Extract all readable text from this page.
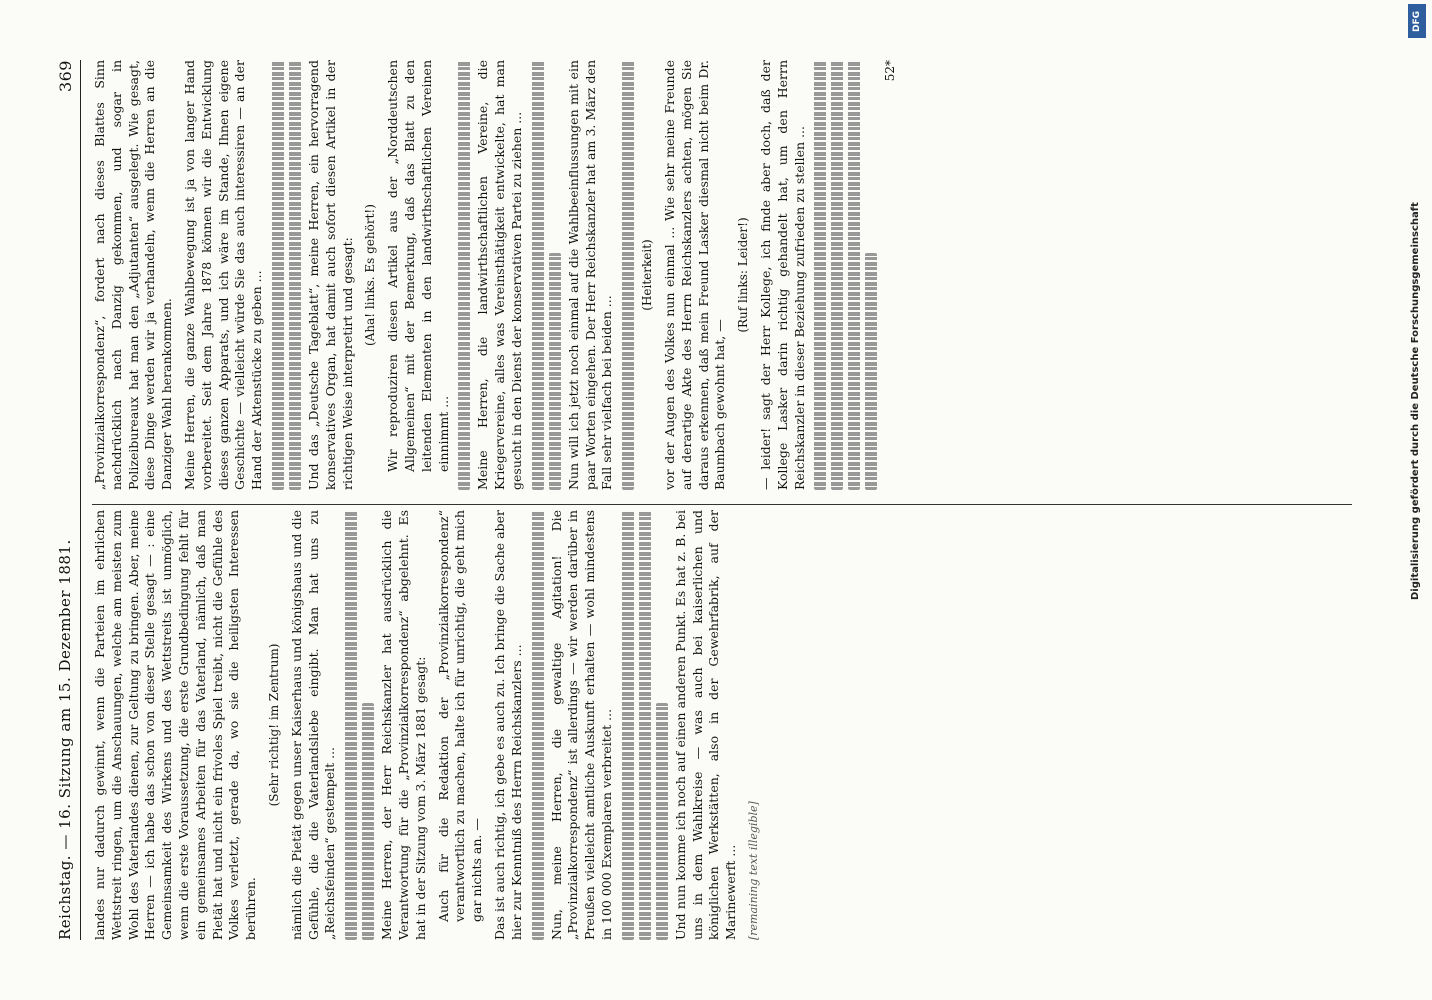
Reichstag. — 16. Sitzung am 15. Dezember 1881.
369

landes nur dadurch gewinnt, wenn die Parteien im ehrlichen Wettstreit ringen, um die Anschauungen, welche am meisten zum Wohl des Vaterlandes dienen, zur Geltung zu bringen. Aber, meine Herren — ich habe das schon von dieser Stelle gesagt — : eine Gemeinsamkeit des Wirkens und des Wettstreits ist unmöglich, wenn die erste Voraussetzung, die erste Grundbedingung fehlt für ein gemeinsames Arbeiten für das Vaterland, nämlich, daß man Pietät hat und nicht ein frivoles Spiel treibt, nicht die Gefühle des Volkes verletzt, gerade da, wo sie die heiligsten Interessen berühren.

(Sehr richtig! im Zentrum) nämlich die Pietät gegen unser Kaiserhaus und königshaus und die Gefühle, die die Vaterlandsliebe eingibt. Man hat uns zu „Reichsfeinden“ gestempelt ...	Meine Herren, der Herr Reichskanzler hat ausdrücklich die Verantwortung für die „Provinzialkorrespondenz“ abgelehnt. Es hat in der Sitzung vom 3. März 1881 gesagt: Auch für die Redaktion der „Provinzialkorrespondenz“ verantwortlich zu machen, halte ich für unrichtig, die geht mich gar nichts an. — Das ist auch richtig, ich gebe es auch zu. Ich bringe die Sache aber hier zur Kenntniß des Herrn Reichskanzlers ... Nun, meine Herren, die gewaltige Agitation! Die „Provinzialkorrespondenz“ ist allerdings — wir werden darüber in Preußen vielleicht amtliche Auskunft erhalten — wohl mindestens in 100 000 Exemplaren verbreitet ...	Und nun komme ich noch auf einen anderen Punkt. Es hat z. B. bei uns in dem Wahlkreise — was auch bei kaiserlichen und königlichen Werkstätten, also in der Gewehrfabrik, auf der Marinewerft ... [remaining text illegible]

„Provinzialkorrespondenz“, fordert nach dieses Blattes Sinn nachdrücklich nach Danzig gekommen, und sogar in Polizeibureaux hat man den „Adjutanten“ ausgelegt. Wie gesagt, diese Dinge werden wir ja verhandeln, wenn die Herren an die Danziger Wahl herankommen. Meine Herren, die ganze Wahlbewegung ist ja von langer Hand vorbereitet. Seit dem Jahre 1878 können wir die Entwicklung dieses ganzen Apparats, und ich wäre im Stande, Ihnen eigene Geschichte — vielleicht würde Sie das auch interessiren — an der Hand der Aktenstücke zu geben ...	Und das „Deutsche Tageblatt“, meine Herren, ein hervorragend konservatives Organ, hat damit auch sofort diesen Artikel in der richtigen Weise interpretirt und gesagt: (Aha! links. Es gehört!) Wir reproduziren diesen Artikel aus der „Norddeutschen Allgemeinen“ mit der Bemerkung, daß das Blatt zu den leitenden Elementen in den landwirthschaftlichen Vereinen einnimmt ... Meine Herren, die landwirthschaftlichen Vereine, die Kriegervereine, alles was Vereinsthätigkeit entwickelte, hat man gesucht in den Dienst der konservativen Partei zu ziehen ...	Nun will ich jetzt noch einmal auf die Wahlbeeinflussungen mit ein paar Worten eingehen. Der Herr Reichskanzler hat am 3. März den Fall sehr vielfach bei beiden ...

(Heiterkeit) vor der Augen des Volkes nun einmal ... Wie sehr meine Freunde auf derartige Akte des Herrn Reichskanzlers achten, mögen Sie daraus erkennen, daß mein Freund Lasker diesmal nicht beim Dr. Baumbach gewohnt hat, —

(Ruf links: Leider!) — leider! sagt der Herr Kollege, ich finde aber doch, daß der Kollege Lasker darin richtig gehandelt hat, um den Herrn Reichskanzler in dieser Beziehung zufrieden zu stellen ...

52*
DFG
Digitalisierung gefördert durch die Deutsche Forschungsgemeinschaft
